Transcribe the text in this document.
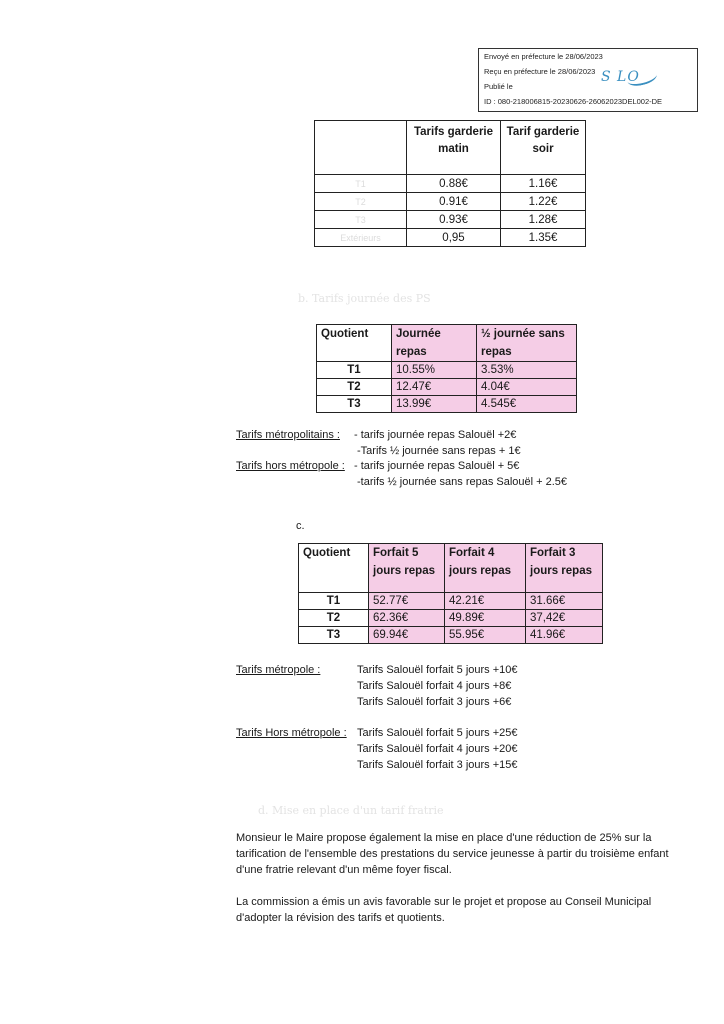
Envoyé en préfecture le 28/06/2023
Reçu en préfecture le 28/06/2023
Publié le
ID : 080-218006815-20230626-26062023DEL002-DE
S LO
	Tarifs garderie matin	Tarif garderie soir
T1	0.88€	1.16€
T2	0.91€	1.22€
T3	0.93€	1.28€
Extérieurs	0,95	1.35€
b. Tarifs journée des PS
Quotient	Journée repas	½ journée sans repas
T1	10.55%	3.53%
T2	12.47€	4.04€
T3	13.99€	4.545€
Tarifs métropolitains : - tarifs journée repas Salouël +2€
-Tarifs ½ journée sans repas + 1€
Tarifs hors métropole : - tarifs journée repas Salouël + 5€
-tarifs ½ journée sans repas Salouël + 2.5€
c.
Quotient	Forfait 5 jours repas	Forfait 4 jours repas	Forfait 3 jours repas
T1	52.77€	42.21€	31.66€
T2	62.36€	49.89€	37,42€
T3	69.94€	55.95€	41.96€
Tarifs métropole :	Tarifs Salouël forfait 5 jours +10€
Tarifs Salouël forfait 4 jours +8€
Tarifs Salouël forfait 3 jours +6€
Tarifs Hors métropole : Tarifs Salouël forfait 5 jours +25€
Tarifs Salouël forfait 4 jours +20€
Tarifs Salouël forfait 3 jours +15€
d. Mise en place d'un tarif fratrie
Monsieur le Maire propose également la mise en place d'une réduction de 25% sur la tarification de l'ensemble des prestations du service jeunesse à partir du troisième enfant d'une fratrie relevant d'un même foyer fiscal.
La commission a émis un avis favorable sur le projet et propose au Conseil Municipal d'adopter la révision des tarifs et quotients.
